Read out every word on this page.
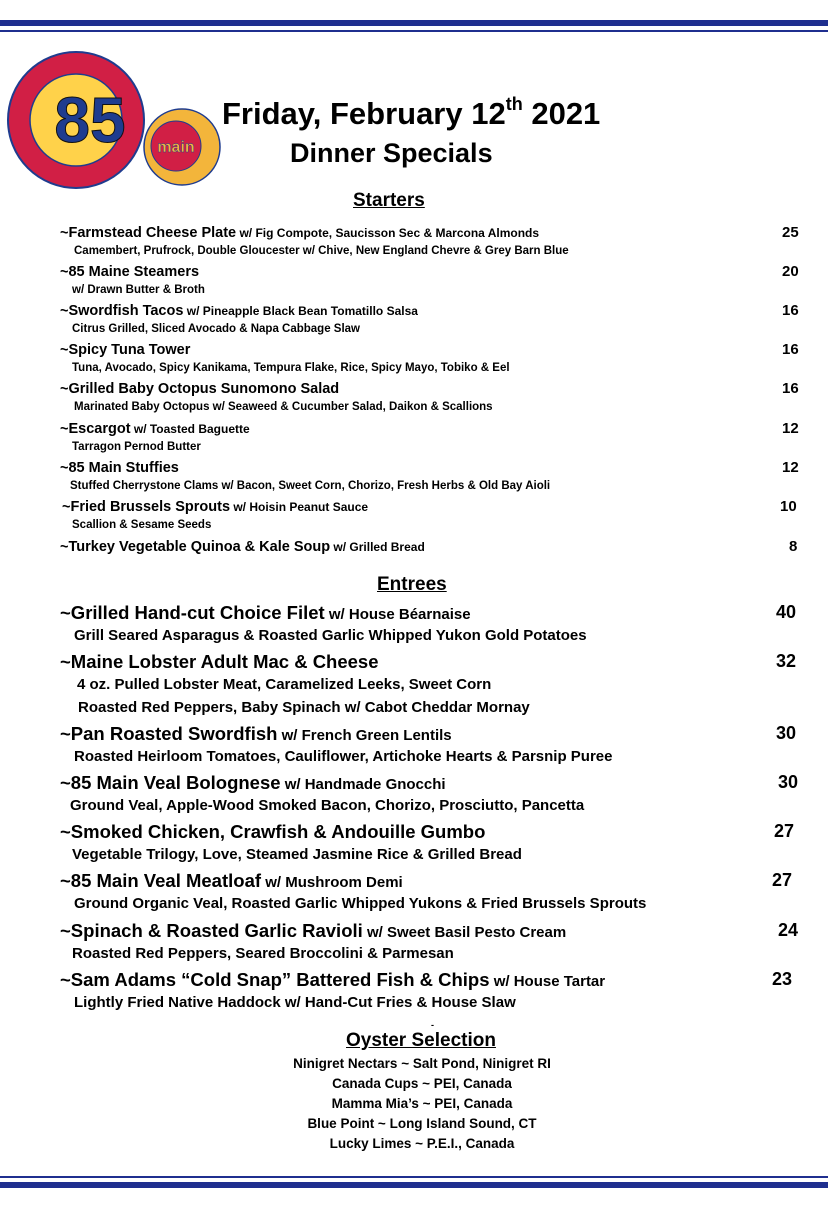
85 main
Friday, February 12th 2021
Dinner Specials
Starters
~Farmstead Cheese Plate w/ Fig Compote, Saucisson Sec & Marcona Almonds	25
Camembert, Prufrock, Double Gloucester w/ Chive, New England Chevre & Grey Barn Blue
~85 Maine Steamers	20
w/ Drawn Butter & Broth
~Swordfish Tacos w/ Pineapple Black Bean Tomatillo Salsa	16
Citrus Grilled, Sliced Avocado & Napa Cabbage Slaw
~Spicy Tuna Tower	16
Tuna, Avocado, Spicy Kanikama, Tempura Flake, Rice, Spicy Mayo, Tobiko & Eel
~Grilled Baby Octopus Sunomono Salad	16
Marinated Baby Octopus w/ Seaweed & Cucumber Salad, Daikon & Scallions
~Escargot w/ Toasted Baguette	12
Tarragon Pernod Butter
~85 Main Stuffies	12
Stuffed Cherrystone Clams w/ Bacon, Sweet Corn, Chorizo, Fresh Herbs & Old Bay Aioli
~Fried Brussels Sprouts w/ Hoisin Peanut Sauce	10
Scallion & Sesame Seeds
~Turkey Vegetable Quinoa & Kale Soup w/ Grilled Bread	8
Entrees
~Grilled Hand-cut Choice Filet w/ House Béarnaise	40
Grill Seared Asparagus & Roasted Garlic Whipped Yukon Gold Potatoes
~Maine Lobster Adult Mac & Cheese	32
4 oz. Pulled Lobster Meat, Caramelized Leeks, Sweet Corn
Roasted Red Peppers, Baby Spinach w/ Cabot Cheddar Mornay
~Pan Roasted Swordfish w/ French Green Lentils	30
Roasted Heirloom Tomatoes, Cauliflower, Artichoke Hearts & Parsnip Puree
~85 Main Veal Bolognese w/ Handmade Gnocchi	30
Ground Veal, Apple-Wood Smoked Bacon, Chorizo, Prosciutto, Pancetta
~Smoked Chicken, Crawfish & Andouille Gumbo	27
Vegetable Trilogy, Love, Steamed Jasmine Rice & Grilled Bread
~85 Main Veal Meatloaf w/ Mushroom Demi	27
Ground Organic Veal, Roasted Garlic Whipped Yukons & Fried Brussels Sprouts
~Spinach & Roasted Garlic Ravioli w/ Sweet Basil Pesto Cream	24
Roasted Red Peppers, Seared Broccolini & Parmesan
~Sam Adams “Cold Snap” Battered Fish & Chips w/ House Tartar	23
Lightly Fried Native Haddock w/ Hand-Cut Fries & House Slaw
-
Oyster Selection
Ninigret Nectars ~ Salt Pond, Ninigret RI
Canada Cups ~ PEI, Canada
Mamma Mia’s ~ PEI, Canada
Blue Point ~ Long Island Sound, CT
Lucky Limes ~ P.E.I., Canada
